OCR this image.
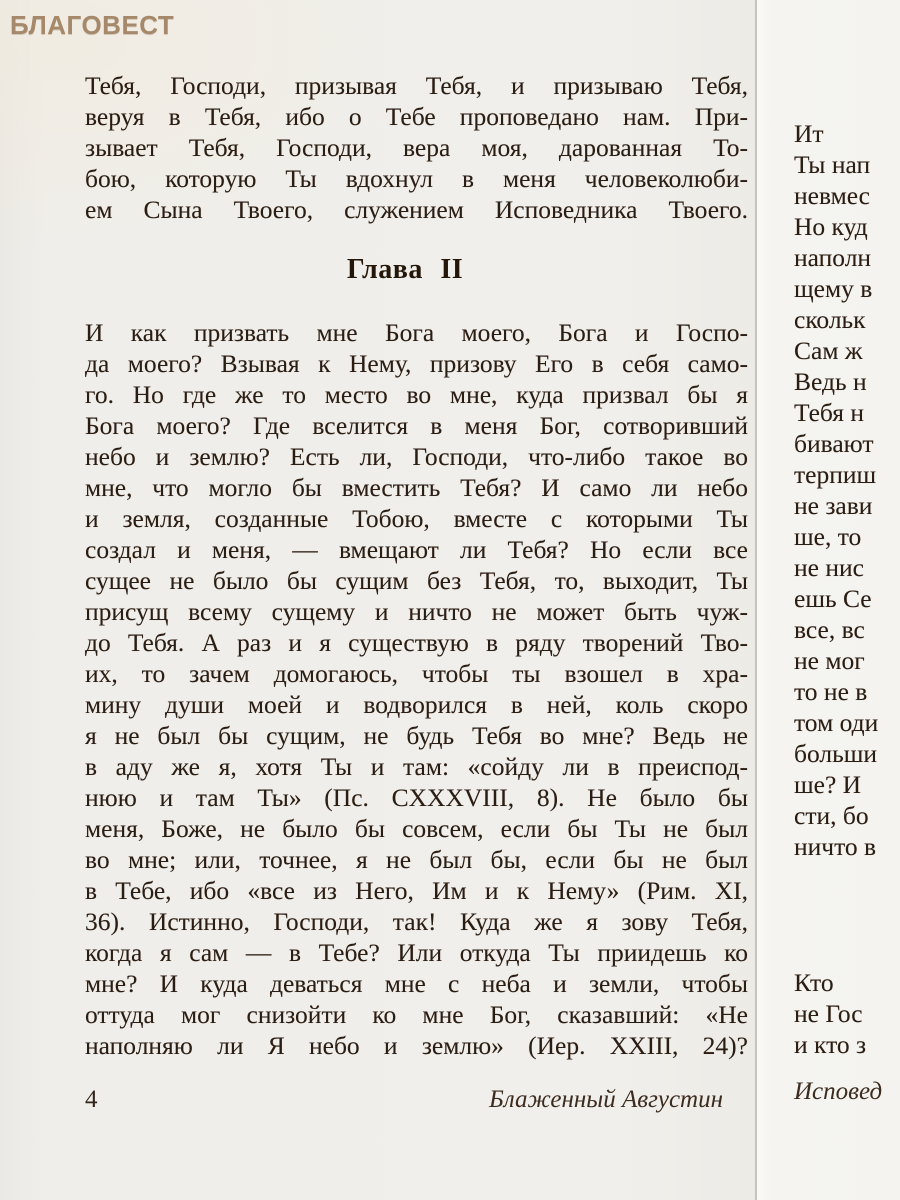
БЛАГОВЕСТ
Тебя, Господи, призывая Тебя, и призываю Тебя,
веруя в Тебя, ибо о Тебе проповедано нам. При-
зывает Тебя, Господи, вера моя, дарованная То-
бою, которую Ты вдохнул в меня человеколюби-
ем Сына Твоего, служением Исповедника Твоего.
Глава II
И как призвать мне Бога моего, Бога и Госпо-
да моего? Взывая к Нему, призову Его в себя само-
го. Но где же то место во мне, куда призвал бы я
Бога моего? Где вселится в меня Бог, сотворивший
небо и землю? Есть ли, Господи, что-либо такое во
мне, что могло бы вместить Тебя? И само ли небо
и земля, созданные Тобою, вместе с которыми Ты
создал и меня, — вмещают ли Тебя? Но если все
сущее не было бы сущим без Тебя, то, выходит, Ты
присущ всему сущему и ничто не может быть чуж-
до Тебя. А раз и я существую в ряду творений Тво-
их, то зачем домогаюсь, чтобы ты взошел в хра-
мину души моей и водворился в ней, коль скоро
я не был бы сущим, не будь Тебя во мне? Ведь не
в аду же я, хотя Ты и там: «сойду ли в преиспод-
нюю и там Ты» (Пс. CXXXVIII, 8). Не было бы
меня, Боже, не было бы совсем, если бы Ты не был
во мне; или, точнее, я не был бы, если бы не был
в Тебе, ибо «все из Него, Им и к Нему» (Рим. XI,
36). Истинно, Господи, так! Куда же я зову Тебя,
когда я сам — в Тебе? Или откуда Ты приидешь ко
мне? И куда деваться мне с неба и земли, чтобы
оттуда мог снизойти ко мне Бог, сказавший: «Не
наполняю ли Я небо и землю» (Иер. XXIII, 24)?
4	Блаженный Августин
Ит
Ты нап
невмес
Но куд
наполн
щему в
скольк
Сам ж
Ведь н
Тебя н
бивают
терпиш
не зави
ше, то
не нис
ешь Се
все, вс
не мог
то не в
том оди
больши
ше? И
сти, бо
ничто в
Кто
не Гос
и кто з
Исповед
